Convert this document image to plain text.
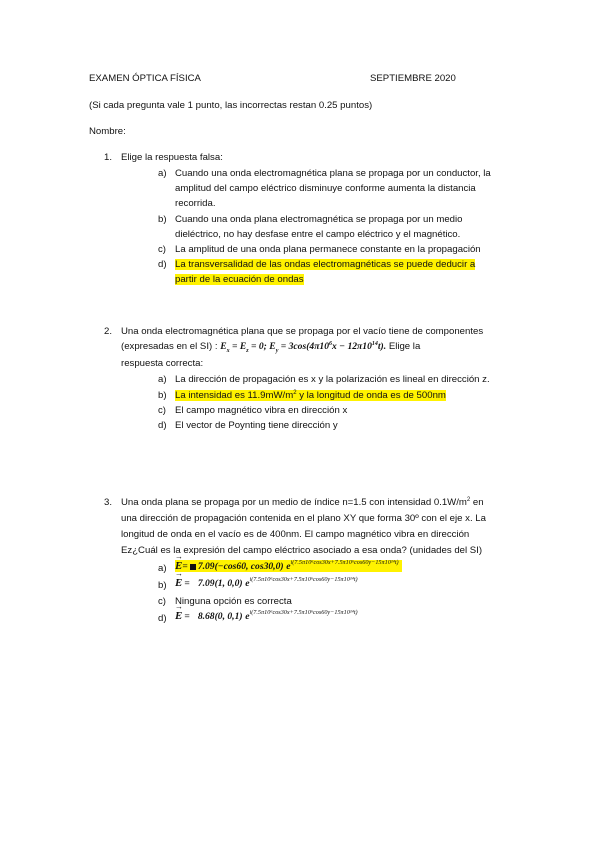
EXAMEN ÓPTICA FÍSICA	SEPTIEMBRE 2020
(Si cada pregunta vale 1 punto, las incorrectas restan 0.25 puntos)
Nombre:
1. Elige la respuesta falsa:
a) Cuando una onda electromagnética plana se propaga por un conductor, la
amplitud del campo eléctrico disminuye conforme aumenta la distancia
recorrida.
b) Cuando una onda plana electromagnética se propaga por un medio
dieléctrico, no hay desfase entre el campo eléctrico y el magnético.
c) La amplitud de una onda plana permanece constante en la propagación
d) La transversalidad de las ondas electromagnéticas se puede deducir a
partir de la ecuación de ondas
2. Una onda electromagnética plana que se propaga por el vacío tiene de componentes
(expresadas en el SI) : $E_x = E_z = 0$; $E_y = 3\cos(4\pi 10^6x - 12\pi 10^{14}t)$. Elige la
respuesta correcta:
a) La dirección de propagación es x y la polarización es lineal en dirección z.
b) La intensidad es $11.9mW/m^2$ y la longitud de onda es de 500nm
c) El campo magnético vibra en dirección x
d) El vector de Poynting tiene dirección y
3. Una onda plana se propaga por un medio de índice n=1.5 con intensidad $0.1W/m^2$ en
una dirección de propagación contenida en el plano XY que forma 30º con el eje x. La
longitud de onda en el vacío es de 400nm. El campo magnético vibra en dirección
Ez¿Cuál es la expresión del campo eléctrico asociado a esa onda? (unidades del SI)
a) → E= 7.09(−cos60, cos30,0) $e^{i(7.5\pi 10^6cos30x+7.5\pi 10^6cos60y-15\pi 10^{14}t)}$
b) → E = 7.09(1, 0,0) $e^{i(7.5\pi 10^6cos30x+7.5\pi 10^6cos60y-15\pi 10^{14}t)}$
c) Ninguna opción es correcta
d) → E = 8.68(0, 0,1) $e^{i(7.5\pi 10^6cos30x+7.5\pi 10^6cos60y-15\pi 10^{14}t)}$
